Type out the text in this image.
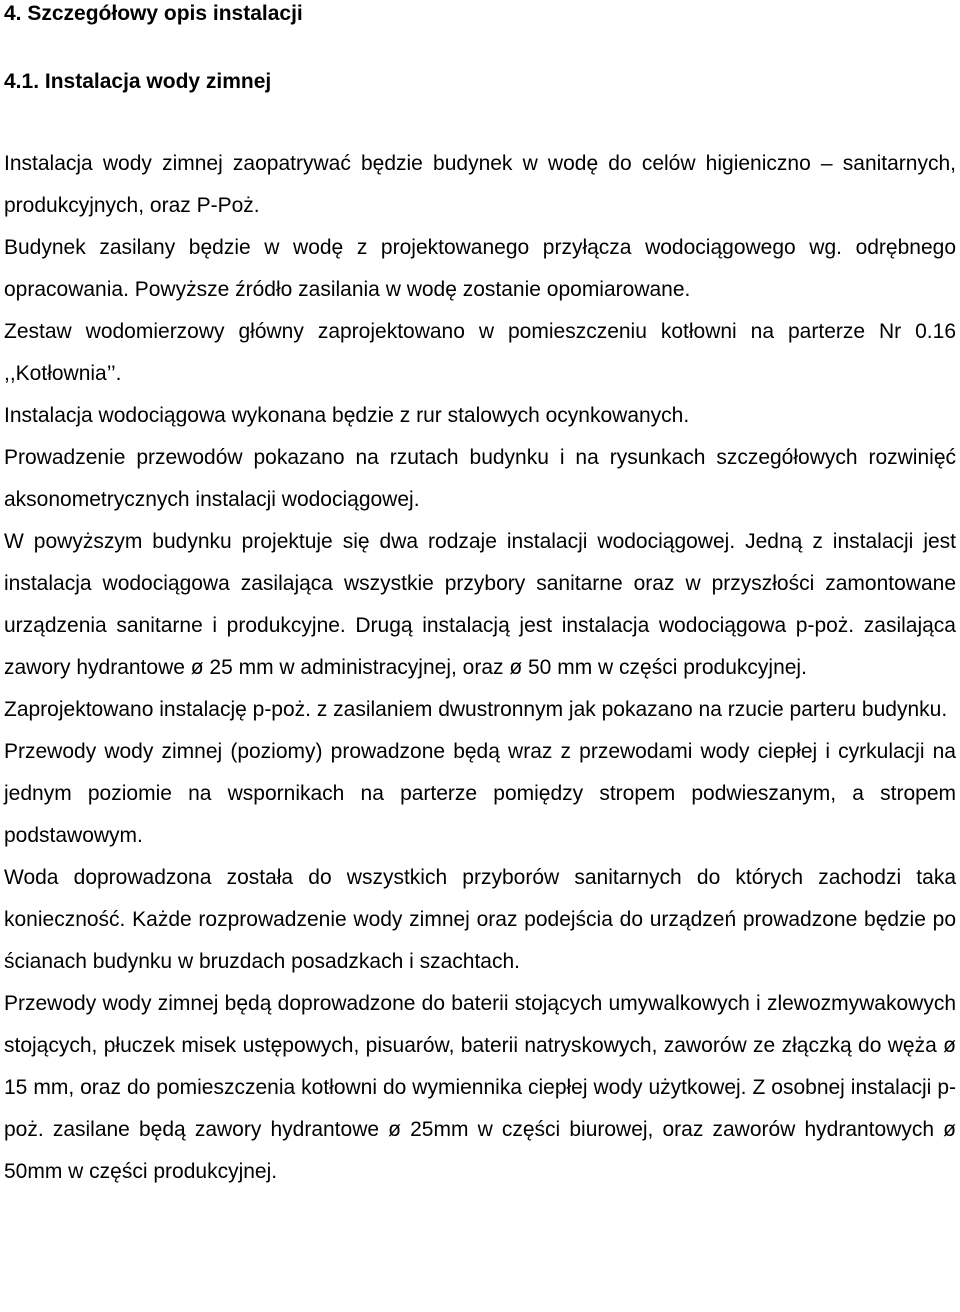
4. Szczegółowy opis instalacji
4.1. Instalacja wody zimnej

Instalacja wody zimnej zaopatrywać będzie budynek w wodę do celów higieniczno – sanitarnych, produkcyjnych, oraz P-Poż.

Budynek zasilany będzie w wodę z projektowanego przyłącza wodociągowego wg. odrębnego opracowania. Powyższe źródło zasilania w wodę zostanie opomiarowane.

Zestaw wodomierzowy główny zaprojektowano w pomieszczeniu kotłowni na parterze Nr 0.16 ,,Kotłownia’’.

Instalacja wodociągowa wykonana będzie z rur stalowych ocynkowanych.

Prowadzenie przewodów pokazano na rzutach budynku i na rysunkach szczegółowych rozwinięć aksonometrycznych instalacji wodociągowej.

W powyższym budynku projektuje się dwa rodzaje instalacji wodociągowej. Jedną z instalacji jest instalacja wodociągowa zasilająca wszystkie przybory sanitarne oraz w przyszłości zamontowane urządzenia sanitarne i produkcyjne. Drugą instalacją jest instalacja wodociągowa p-poż. zasilająca zawory hydrantowe ø 25 mm w administracyjnej, oraz ø 50 mm w części produkcyjnej.

Zaprojektowano instalację p-poż. z zasilaniem dwustronnym jak pokazano na rzucie parteru budynku.

Przewody wody zimnej (poziomy) prowadzone będą wraz z przewodami wody ciepłej i cyrkulacji na jednym poziomie na wspornikach na parterze pomiędzy stropem podwieszanym, a stropem podstawowym.

Woda doprowadzona została do wszystkich przyborów sanitarnych do których zachodzi taka konieczność. Każde rozprowadzenie wody zimnej oraz podejścia do urządzeń prowadzone będzie po ścianach budynku w bruzdach posadzkach i szachtach.

Przewody wody zimnej będą doprowadzone do baterii stojących umywalkowych i zlewozmywakowych stojących, płuczek misek ustępowych, pisuarów, baterii natryskowych, zaworów ze złączką do węża ø 15 mm, oraz do pomieszczenia kotłowni do wymiennika ciepłej wody użytkowej. Z osobnej instalacji p-poż. zasilane będą zawory hydrantowe ø 25mm w części biurowej, oraz zaworów hydrantowych ø 50mm w części produkcyjnej.
